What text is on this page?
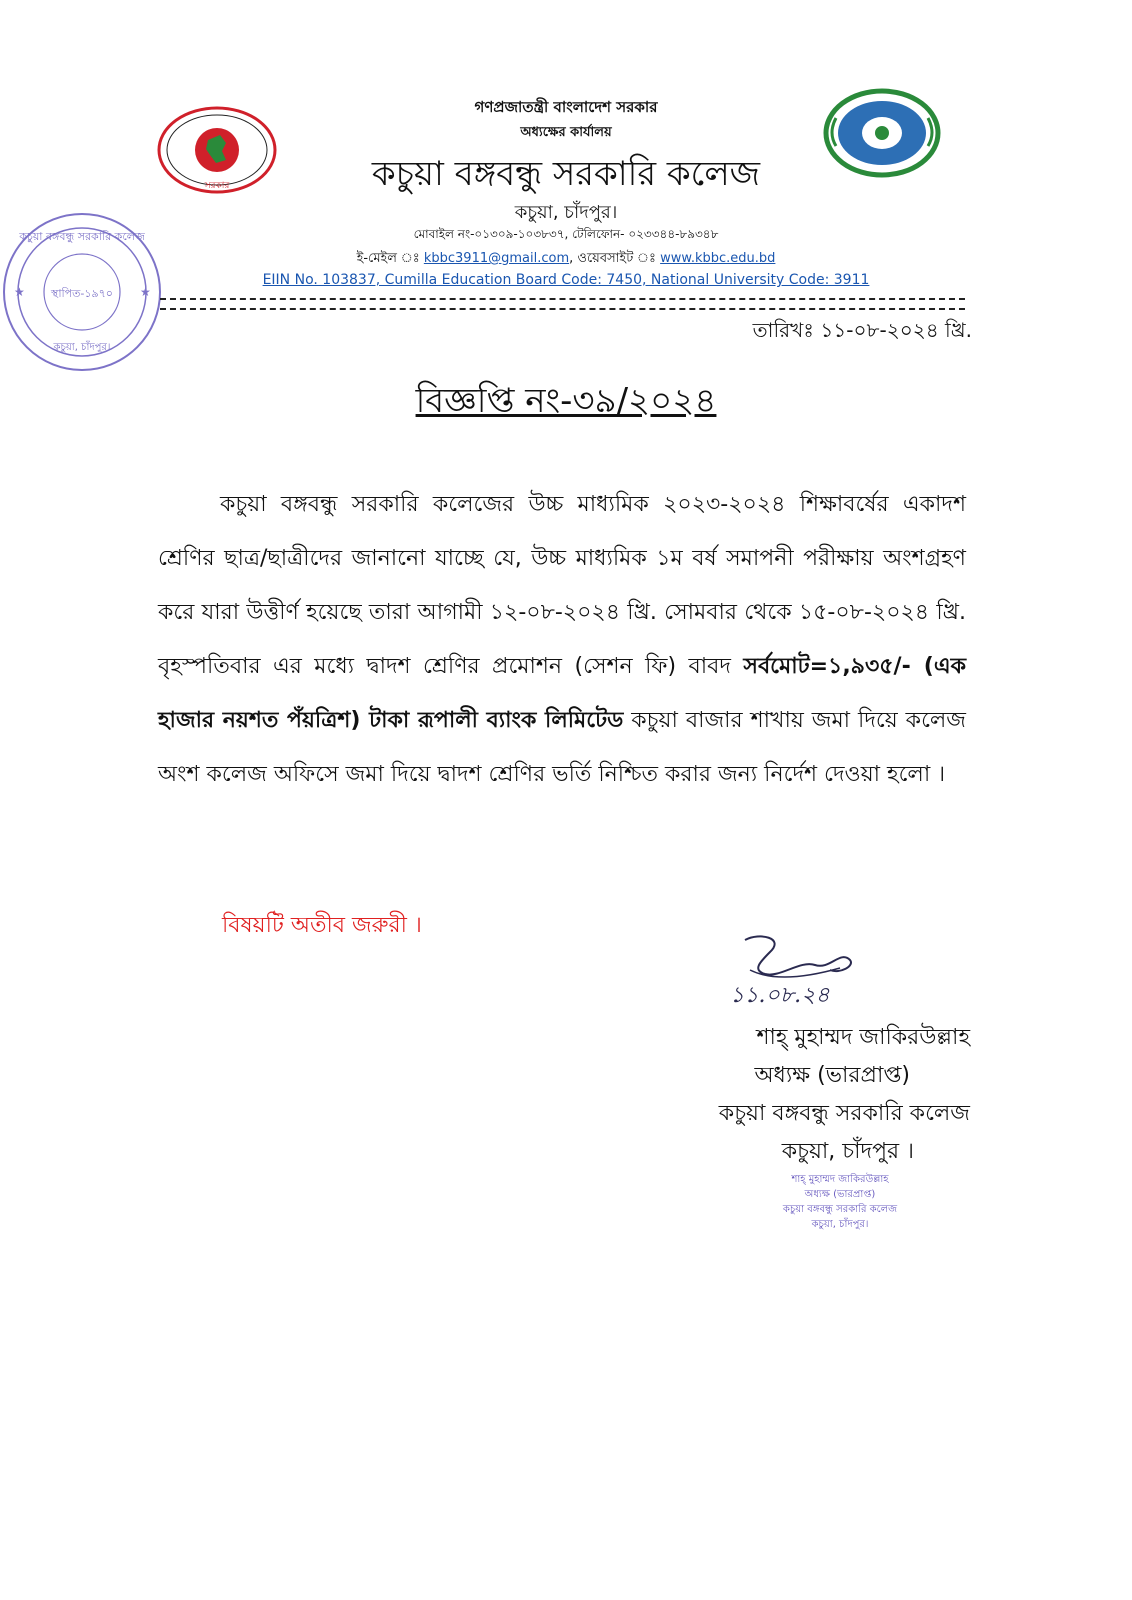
সরকার
কচুয়া বঙ্গবন্ধু সরকারি কলেজ
স্থাপিত-১৯৭০
কচুয়া, চাঁদপুর।
★	★
গণপ্রজাতন্ত্রী বাংলাদেশ সরকার
অধ্যক্ষের কার্যালয়
কচুয়া বঙ্গবন্ধু সরকারি কলেজ
কচুয়া, চাঁদপুর।
মোবাইল নং-০১৩০৯-১০৩৮৩৭, টেলিফোন- ০২৩৩৪৪-৮৯৩৪৮
ই-মেইল ঃ kbbc3911@gmail.com, ওয়েবসাইট ঃ www.kbbc.edu.bd
EIIN No. 103837, Cumilla Education Board Code: 7450, National University Code: 3911
তারিখঃ ১১-০৮-২০২৪ খ্রি.
বিজ্ঞপ্তি নং-৩৯/২০২৪

কচুয়া বঙ্গবন্ধু সরকারি কলেজের উচ্চ মাধ্যমিক ২০২৩-২০২৪ শিক্ষাবর্ষের একাদশ শ্রেণির ছাত্র/ছাত্রীদের জানানো যাচ্ছে যে, উচ্চ মাধ্যমিক ১ম বর্ষ সমাপনী পরীক্ষায় অংশগ্রহণ করে যারা উত্তীর্ণ হয়েছে তারা আগামী ১২-০৮-২০২৪ খ্রি. সোমবার থেকে ১৫-০৮-২০২৪ খ্রি. বৃহস্পতিবার এর মধ্যে দ্বাদশ শ্রেণির প্রমোশন (সেশন ফি) বাবদ সর্বমোট=১,৯৩৫/- (এক হাজার নয়শত পঁয়ত্রিশ) টাকা রূপালী ব্যাংক লিমিটেড কচুয়া বাজার শাখায় জমা দিয়ে কলেজ অংশ কলেজ অফিসে জমা দিয়ে দ্বাদশ শ্রেণির ভর্তি নিশ্চিত করার জন্য নির্দেশ দেওয়া হলো ।

বিষয়টি অতীব জরুরী ।
১১.০৮.২৪
শাহ্ মুহাম্মদ জাকিরউল্লাহ
অধ্যক্ষ (ভারপ্রাপ্ত)
কচুয়া বঙ্গবন্ধু সরকারি কলেজ
কচুয়া, চাঁদপুর ।
শাহ্ মুহাম্মদ জাকিরউল্লাহ
অধ্যক্ষ (ভারপ্রাপ্ত)
কচুয়া বঙ্গবন্ধু সরকারি কলেজ
কচুয়া, চাঁদপুর।
